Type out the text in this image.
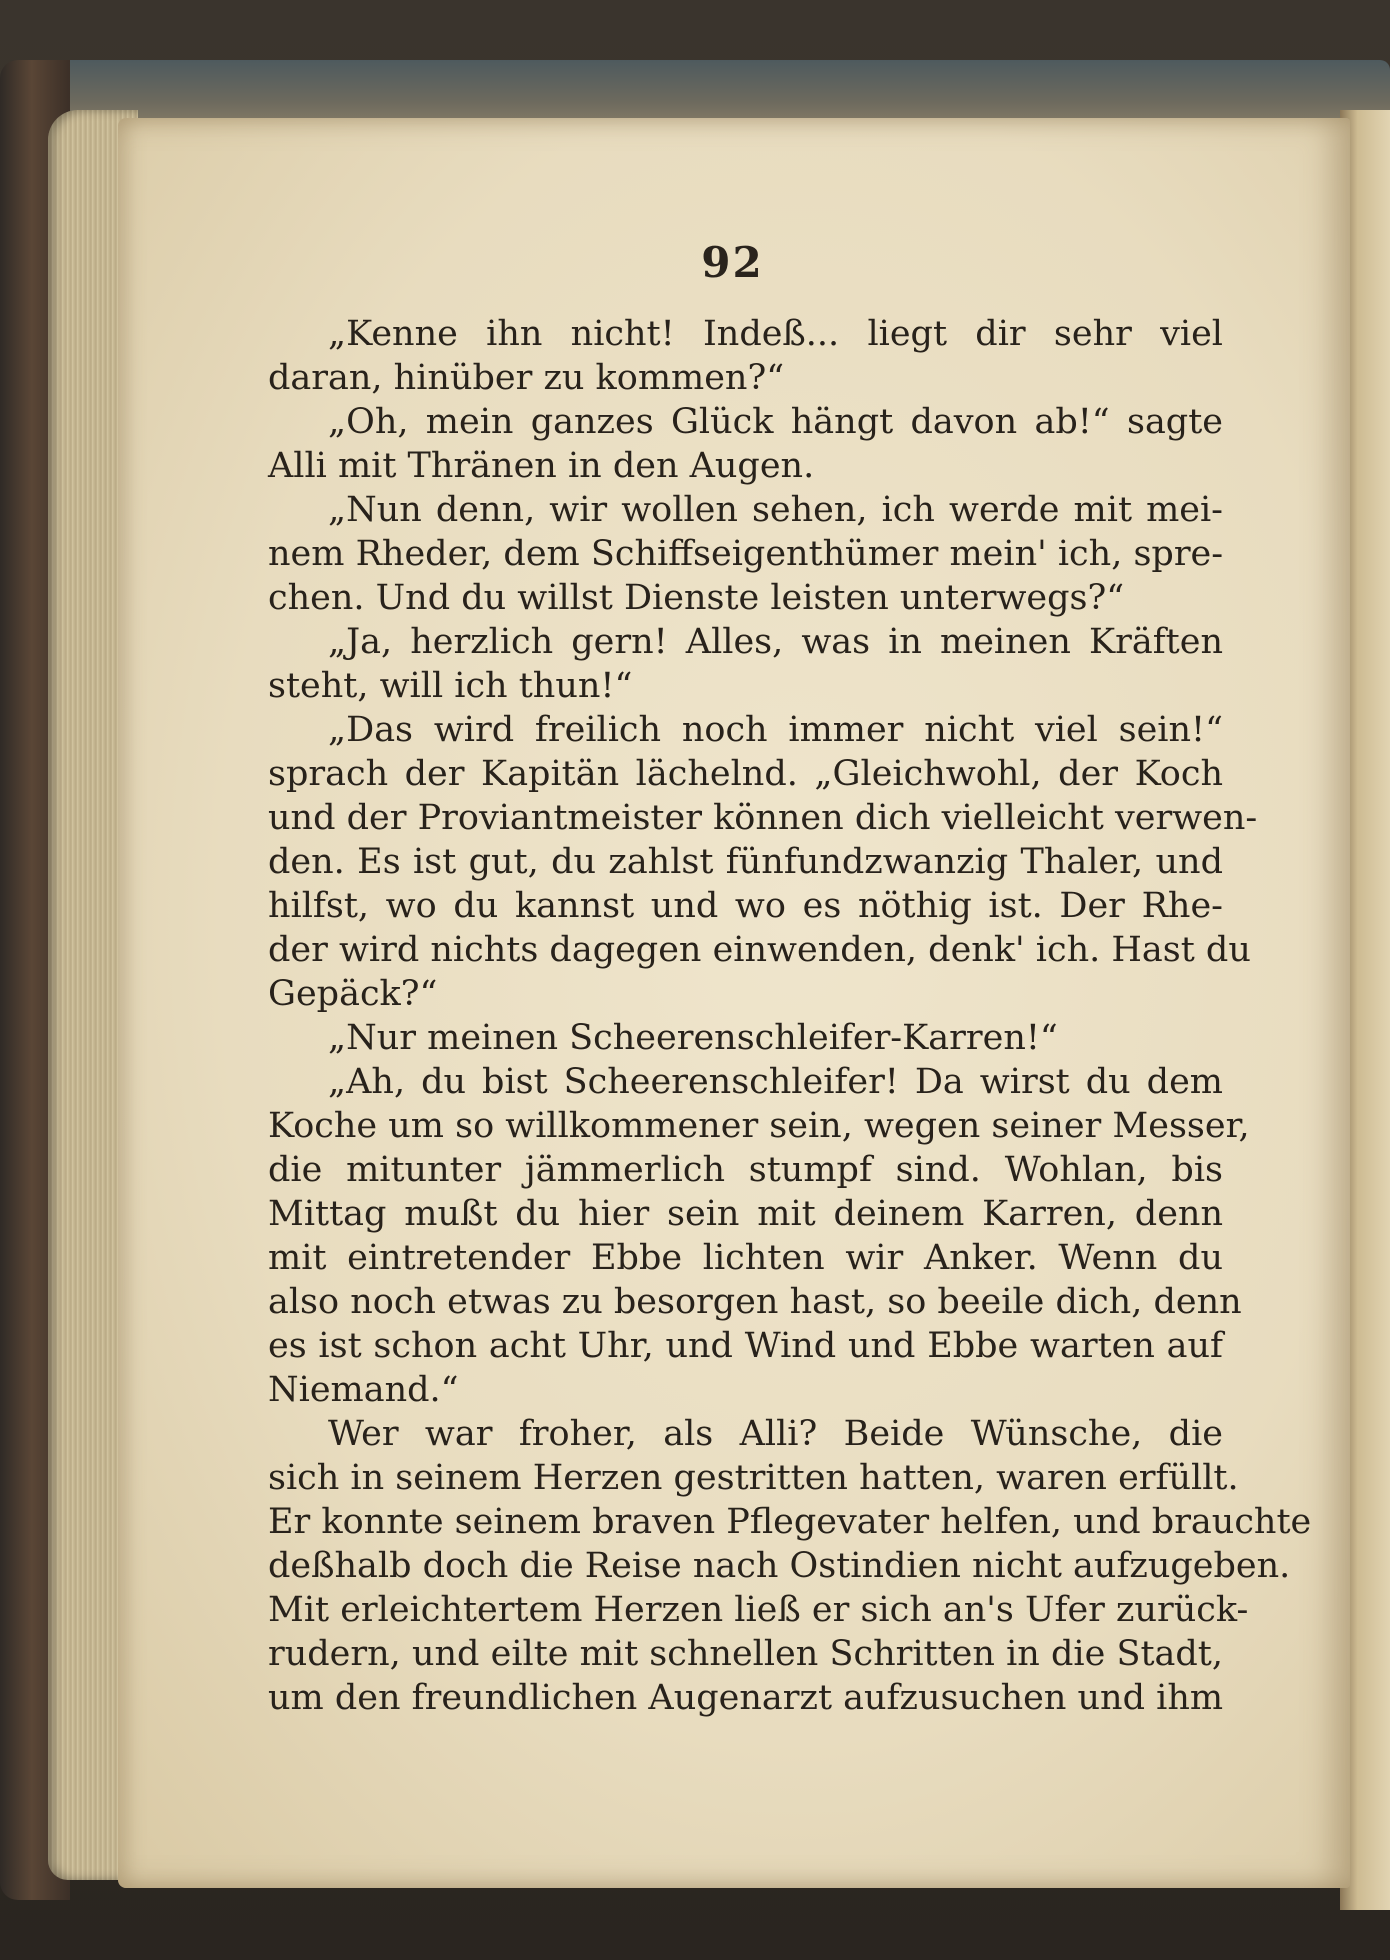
92
„Kenne ihn nicht! Indeß... liegt dir sehr viel
daran, hinüber zu kommen?“
„Oh, mein ganzes Glück hängt davon ab!“ sagte
Alli mit Thränen in den Augen.
„Nun denn, wir wollen sehen, ich werde mit mei-
nem Rheder, dem Schiffseigenthümer mein' ich, spre-
chen. Und du willst Dienste leisten unterwegs?“
„Ja, herzlich gern! Alles, was in meinen Kräften
steht, will ich thun!“
„Das wird freilich noch immer nicht viel sein!“
sprach der Kapitän lächelnd. „Gleichwohl, der Koch
und der Proviantmeister können dich vielleicht verwen-
den. Es ist gut, du zahlst fünfundzwanzig Thaler, und
hilfst, wo du kannst und wo es nöthig ist. Der Rhe-
der wird nichts dagegen einwenden, denk' ich. Hast du
Gepäck?“
„Nur meinen Scheerenschleifer-Karren!“
„Ah, du bist Scheerenschleifer! Da wirst du dem
Koche um so willkommener sein, wegen seiner Messer,
die mitunter jämmerlich stumpf sind. Wohlan, bis
Mittag mußt du hier sein mit deinem Karren, denn
mit eintretender Ebbe lichten wir Anker. Wenn du
also noch etwas zu besorgen hast, so beeile dich, denn
es ist schon acht Uhr, und Wind und Ebbe warten auf
Niemand.“
Wer war froher, als Alli? Beide Wünsche, die
sich in seinem Herzen gestritten hatten, waren erfüllt.
Er konnte seinem braven Pflegevater helfen, und brauchte
deßhalb doch die Reise nach Ostindien nicht aufzugeben.
Mit erleichtertem Herzen ließ er sich an's Ufer zurück-
rudern, und eilte mit schnellen Schritten in die Stadt,
um den freundlichen Augenarzt aufzusuchen und ihm
